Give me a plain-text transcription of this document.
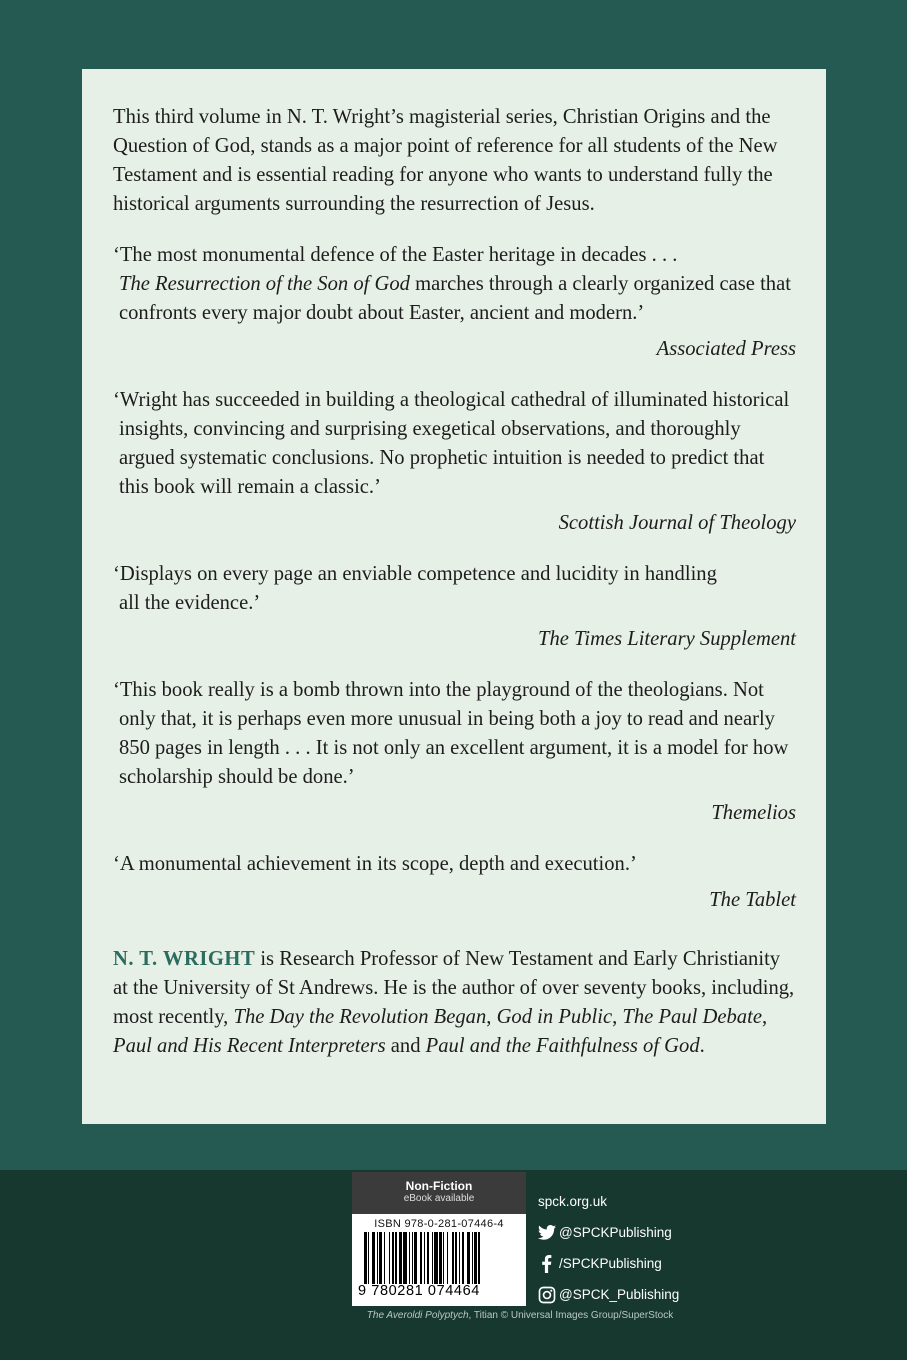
This third volume in N. T. Wright’s magisterial series, Christian Origins and the Question of God, stands as a major point of reference for all students of the New Testament and is essential reading for anyone who wants to understand fully the historical arguments surrounding the resurrection of Jesus.

‘The most monumental defence of the Easter heritage in decades . . .
The Resurrection of the Son of God marches through a clearly organized case that confronts every major doubt about Easter, ancient and modern.’

Associated Press

‘Wright has succeeded in building a theological cathedral of illuminated historical insights, convincing and surprising exegetical observations, and thoroughly argued systematic conclusions. No prophetic intuition is needed to predict that this book will remain a classic.’

Scottish Journal of Theology

‘Displays on every page an enviable competence and lucidity in handling all the evidence.’

The Times Literary Supplement

‘This book really is a bomb thrown into the playground of the theologians. Not only that, it is perhaps even more unusual in being both a joy to read and nearly 850 pages in length . . . It is not only an excellent argument, it is a model for how scholarship should be done.’

Themelios

‘A monumental achievement in its scope, depth and execution.’

The Tablet

N. T. WRIGHT is Research Professor of New Testament and Early Christianity at the University of St Andrews. He is the author of over seventy books, including, most recently, The Day the Revolution Began, God in Public, The Paul Debate, Paul and His Recent Interpreters and Paul and the Faithfulness of God.

Non-Fiction
eBook available
ISBN 978-0-281-07446-4
9 780281 074464
spck.org.uk
@SPCKPublishing
/SPCKPublishing
@SPCK_Publishing
The Averoldi Polyptych, Titian © Universal Images Group/SuperStock
